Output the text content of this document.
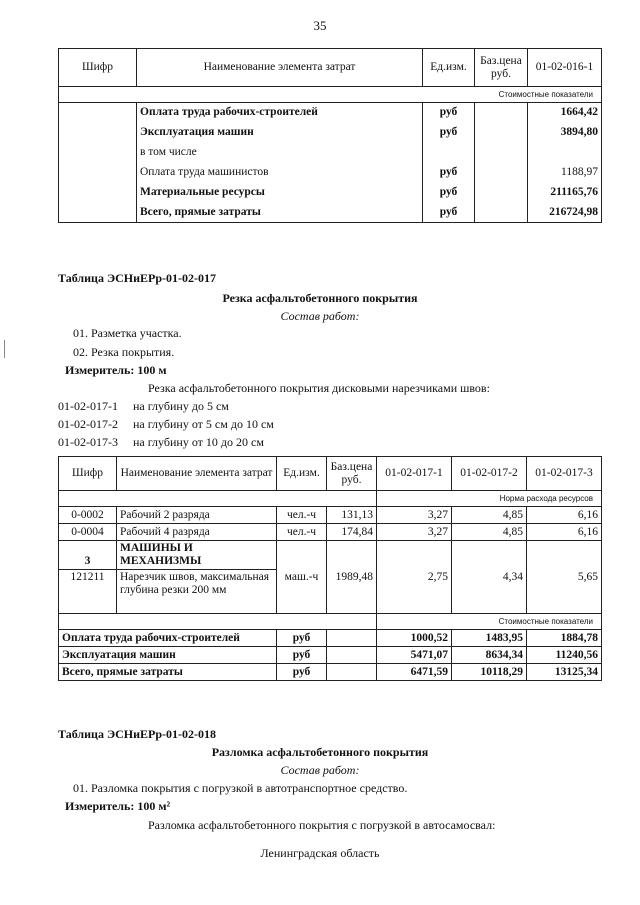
35
Шифр	Наименование элемента затрат	Ед.изм.	Баз.цена руб.	01-02-016-1
Стоимостные показатели				
	Оплата труда рабочих-строителей	руб		1664,42
	Эксплуатация машин	руб		3894,80
	в том числе			
	Оплата труда машинистов	руб		1188,97
	Материальные ресурсы	руб		211165,76
	Всего, прямые затраты	руб		216724,98
Таблица ЭСНиЕРр-01-02-017
Резка асфальтобетонного покрытия
Состав работ:
01. Разметка участка.
02. Резка покрытия.
Измеритель: 100 м
Резка асфальтобетонного покрытия дисковыми нарезчиками швов:
01-02-017-1 на глубину до 5 см
01-02-017-2 на глубину от 5 см до 10 см
01-02-017-3 на глубину от 10 до 20 см
Шифр	Наименование элемента затрат	Ед.изм.	Баз.цена руб.	01-02-017-1	01-02-017-2	01-02-017-3
				Норма расхода ресурсов		
0-0002	Рабочий 2 разряда	чел.-ч	131,13	3,27	4,85	6,16
0-0004	Рабочий 4 разряда	чел.-ч	174,84	3,27	4,85	6,16
3	МАШИНЫ И МЕХАНИЗМЫ					
121211	Нарезчик швов, максимальная глубина резки 200 мм	маш.-ч	1989,48	2,75	4,34	5,65
				Стоимостные показатели		
Оплата труда рабочих-строителей		руб		1000,52	1483,95	1884,78
Эксплуатация машин		руб		5471,07	8634,34	11240,56
Всего, прямые затраты		руб		6471,59	10118,29	13125,34
Таблица ЭСНиЕРр-01-02-018
Разломка асфальтобетонного покрытия
Состав работ:
01. Разломка покрытия с погрузкой в автотранспортное средство.
Измеритель: 100 м²
Разломка асфальтобетонного покрытия с погрузкой в автосамосвал:
Ленинградская область
